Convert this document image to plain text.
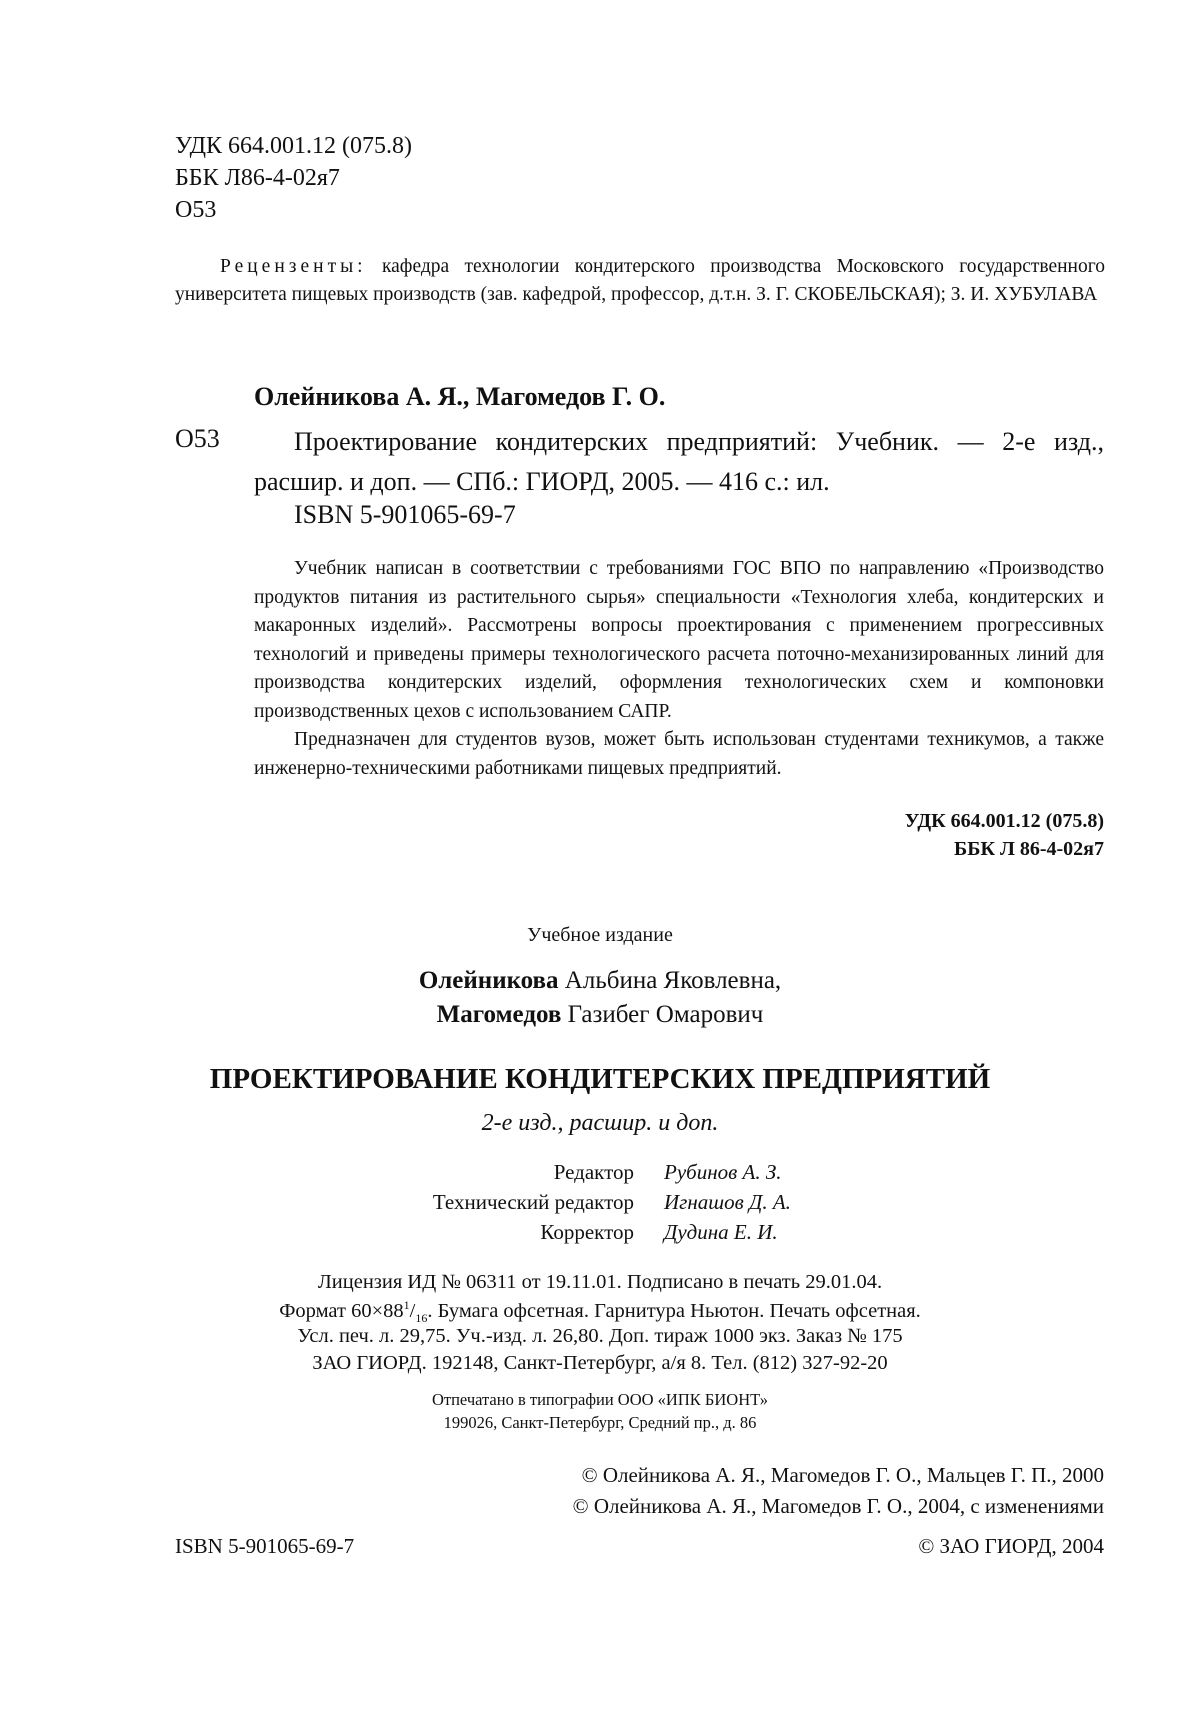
УДК 664.001.12 (075.8)
ББК Л86-4-02я7
О53
Рецензенты: кафедра технологии кондитерского производства Московского государственного университета пищевых производств (зав. кафедрой, профессор, д.т.н. З. Г. СКОБЕЛЬСКАЯ); З. И. ХУБУЛАВА
Олейникова А. Я., Магомедов Г. О.
О53	Проектирование кондитерских предприятий: Учебник. — 2-е изд., расшир. и доп. — СПб.: ГИОРД, 2005. — 416 с.: ил.
ISBN 5-901065-69-7

Учебник написан в соответствии с требованиями ГОС ВПО по направлению «Производство продуктов питания из растительного сырья» специальности «Технология хлеба, кондитерских и макаронных изделий». Рассмотрены вопросы проектирования с применением прогрессивных технологий и приведены примеры технологического расчета поточно-механизированных линий для производства кондитерских изделий, оформления технологических схем и компоновки производственных цехов с использованием САПР.

Предназначен для студентов вузов, может быть использован студентами техникумов, а также инженерно-техническими работниками пищевых предприятий.

УДК 664.001.12 (075.8)
ББК Л 86-4-02я7
Учебное издание
Олейникова Альбина Яковлевна,
Магомедов Газибег Омарович
ПРОЕКТИРОВАНИЕ КОНДИТЕРСКИХ ПРЕДПРИЯТИЙ
2-е изд., расшир. и доп.
Редактор Рубинов А. З.
Технический редактор Игнашов Д. А.
Корректор Дудина Е. И.
Лицензия ИД № 06311 от 19.11.01. Подписано в печать 29.01.04.
Формат $60\times 88^1/_{16}$. Бумага офсетная. Гарнитура Ньютон. Печать офсетная.
Усл. печ. л. 29,75. Уч.-изд. л. 26,80. Доп. тираж 1000 экз. Заказ № 175
ЗАО ГИОРД. 192148, Санкт-Петербург, а/я 8. Тел. (812) 327-92-20
Отпечатано в типографии ООО «ИПК БИОНТ»
199026, Санкт-Петербург, Средний пр., д. 86
© Олейникова А. Я., Магомедов Г. О., Мальцев Г. П., 2000
© Олейникова А. Я., Магомедов Г. О., 2004, с изменениями
ISBN 5-901065-69-7	© ЗАО ГИОРД, 2004
